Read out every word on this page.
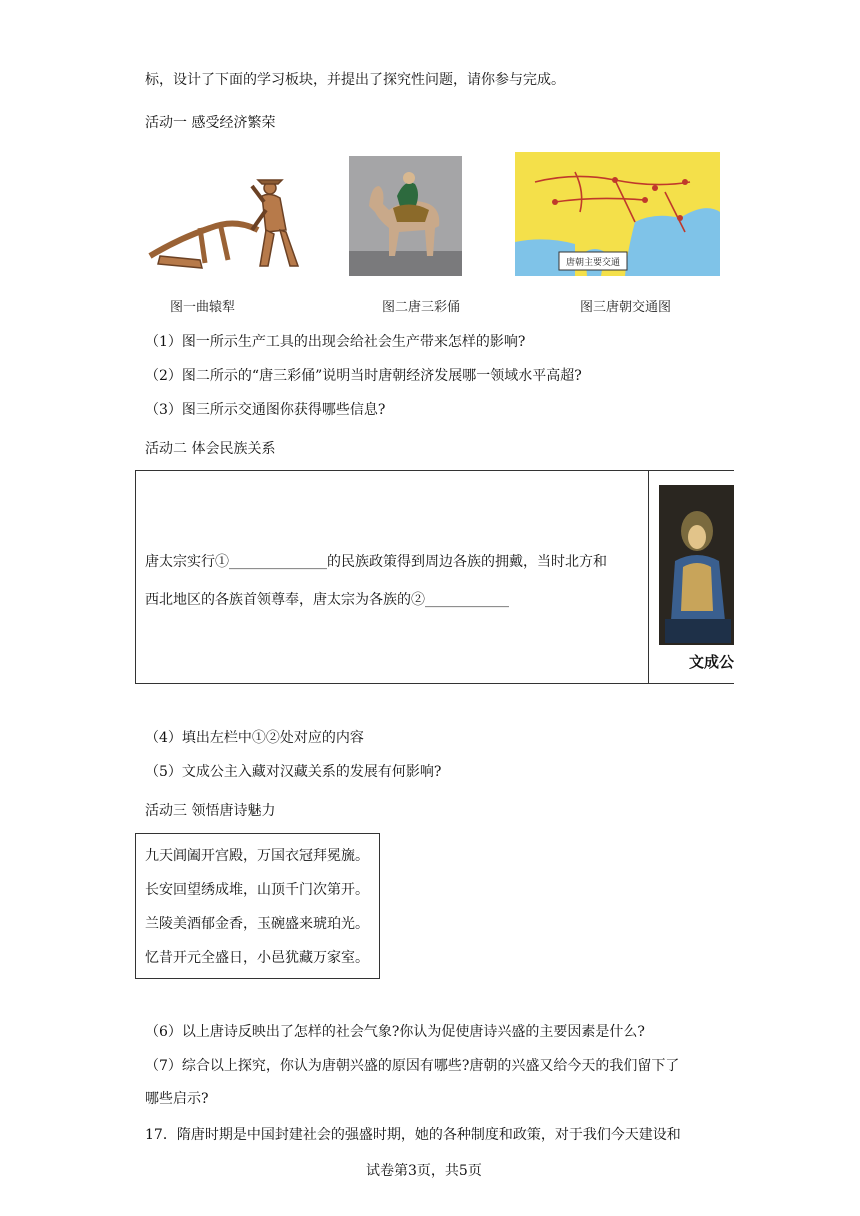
标，设计了下面的学习板块，并提出了探究性问题，请你参与完成。
活动一 感受经济繁荣
唐朝主要交通
图一曲辕犁	图二唐三彩俑	图三唐朝交通图
（1）图一所示生产工具的出现会给社会生产带来怎样的影响?
（2）图二所示的“唐三彩俑”说明当时唐朝经济发展哪一领域水平高超?
（3）图三所示交通图你获得哪些信息?
活动二 体会民族关系
唐太宗实行①______________的民族政策得到周边各族的拥戴，当时北方和
西北地区的各族首领尊奉，唐太宗为各族的②____________
文成公
（4）填出左栏中①②处对应的内容
（5）文成公主入藏对汉藏关系的发展有何影响?
活动三 领悟唐诗魅力
九天阊阖开宫殿，万国衣冠拜冕旒。
长安回望绣成堆，山顶千门次第开。
兰陵美酒郁金香，玉碗盛来琥珀光。
忆昔开元全盛日，小邑犹藏万家室。
（6）以上唐诗反映出了怎样的社会气象?你认为促使唐诗兴盛的主要因素是什么?
（7）综合以上探究，你认为唐朝兴盛的原因有哪些?唐朝的兴盛又给今天的我们留下了
哪些启示?
17．隋唐时期是中国封建社会的强盛时期，她的各种制度和政策，对于我们今天建设和
试卷第3页，共5页
